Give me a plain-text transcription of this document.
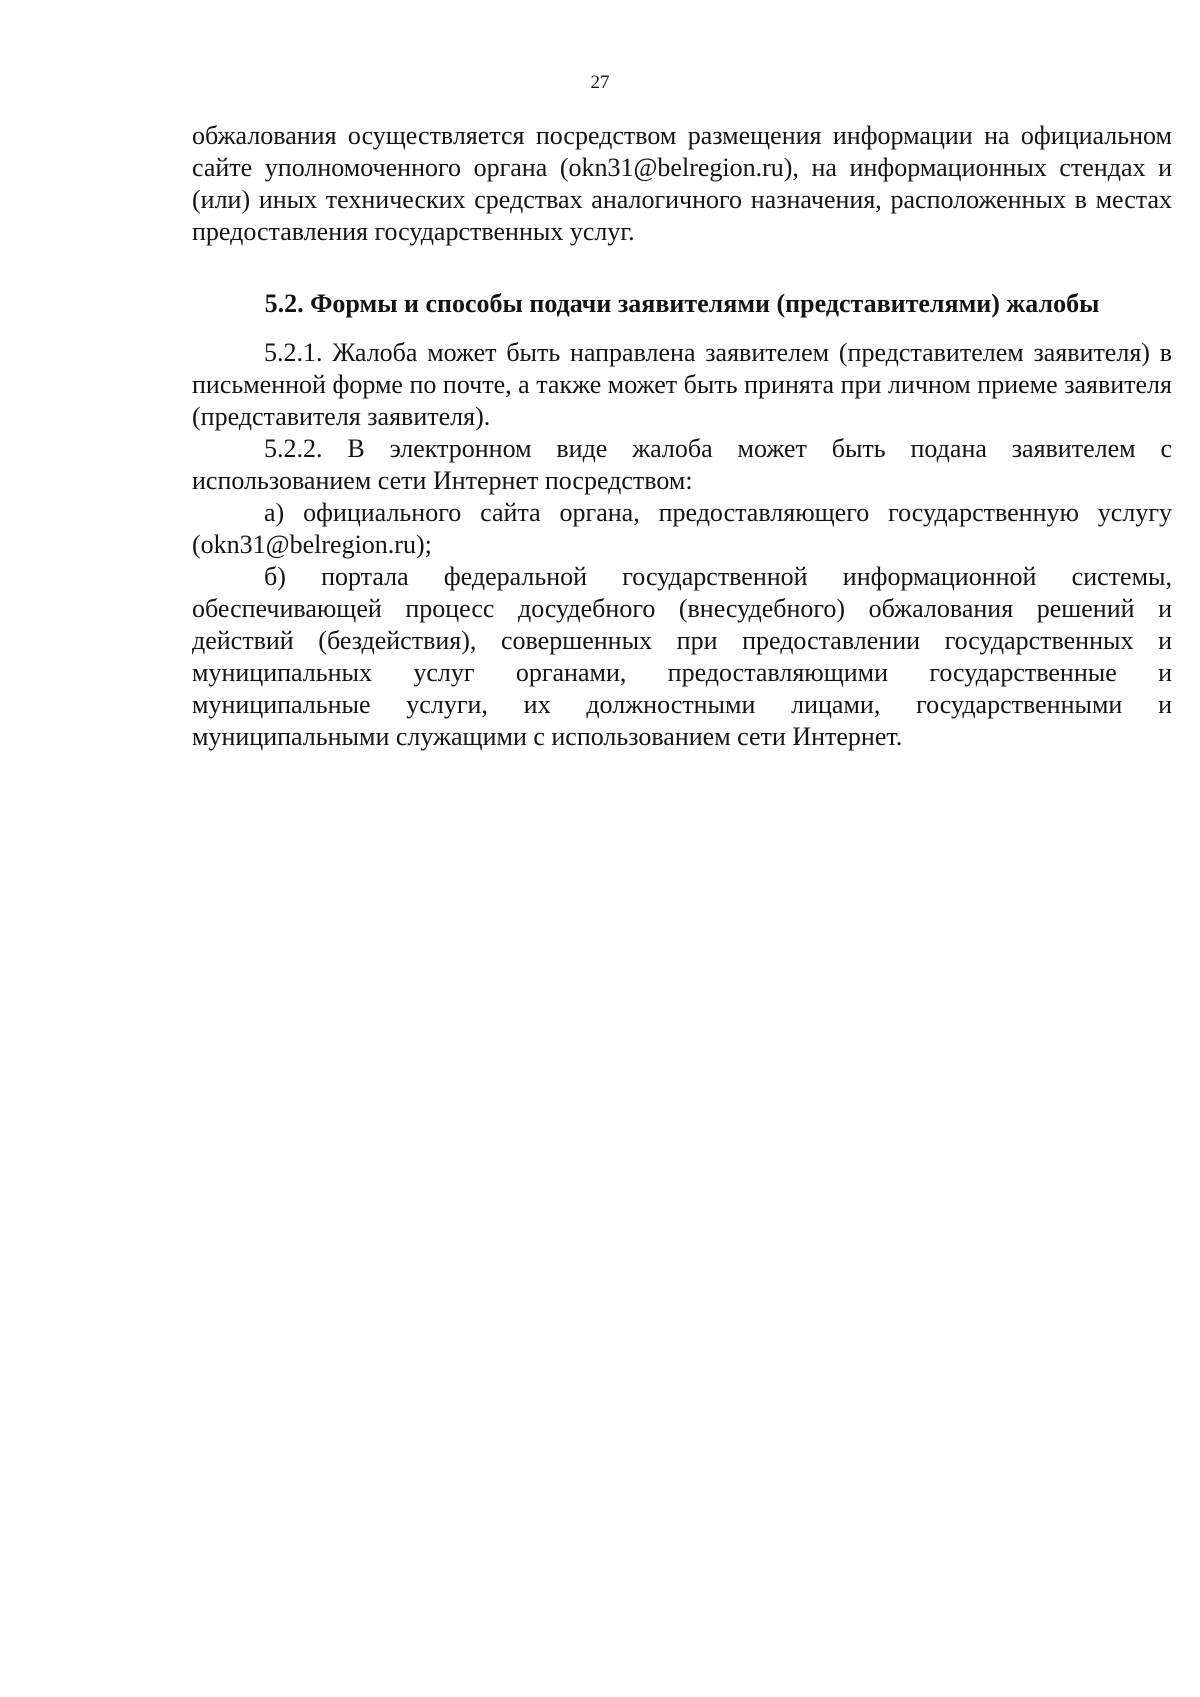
27

обжалования осуществляется посредством размещения информации на официальном сайте уполномоченного органа (okn31@belregion.ru), на информационных стендах и (или) иных технических средствах аналогичного назначения, расположенных в местах предоставления государственных услуг.

5.2. Формы и способы подачи заявителями (представителями) жалобы

5.2.1. Жалоба может быть направлена заявителем (представителем заявителя) в письменной форме по почте, а также может быть принята при личном приеме заявителя (представителя заявителя).

5.2.2. В электронном виде жалоба может быть подана заявителем с использованием сети Интернет посредством:

а) официального сайта органа, предоставляющего государственную услугу (okn31@belregion.ru);

б) портала федеральной государственной информационной системы, обеспечивающей процесс досудебного (внесудебного) обжалования решений и действий (бездействия), совершенных при предоставлении государственных и муниципальных услуг органами, предоставляющими государственные и муниципальные услуги, их должностными лицами, государственными и муниципальными служащими с использованием сети Интернет.
